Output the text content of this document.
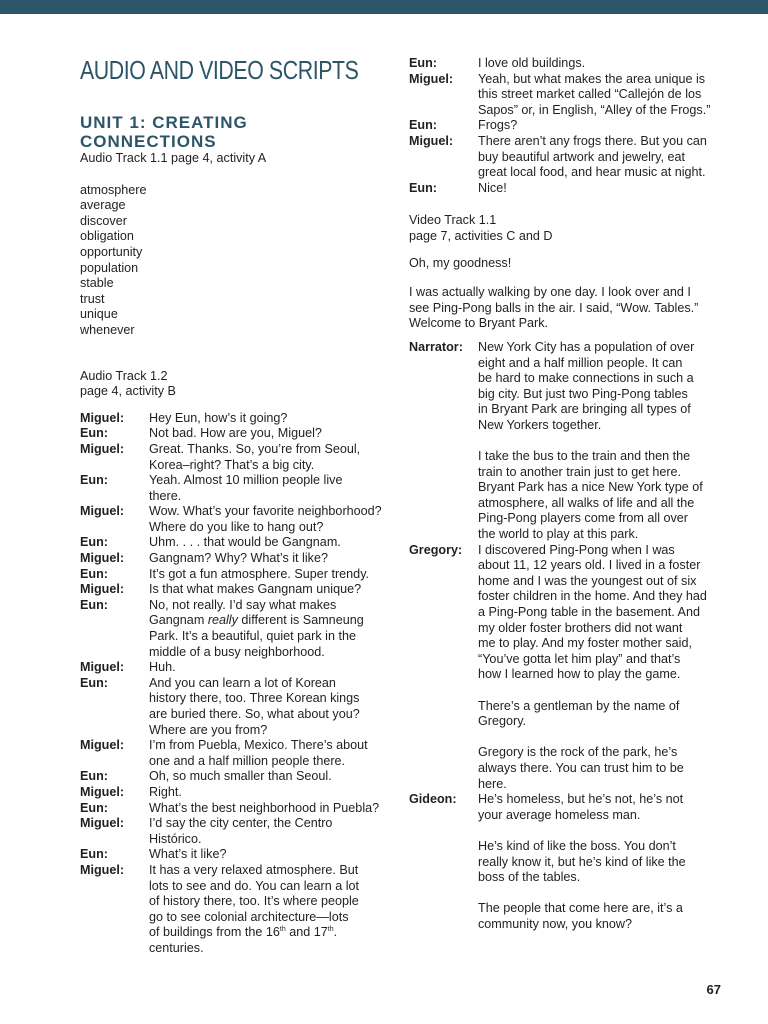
AUDIO AND VIDEO SCRIPTS
UNIT 1: CREATING
CONNECTIONS
Audio Track 1.1 page 4, activity A
atmosphere
average
discover
obligation
opportunity
population
stable
trust
unique
whenever
Audio Track 1.2
page 4, activity B
Miguel:	Hey Eun, how’s it going?
Eun:	Not bad. How are you, Miguel?
Miguel:	Great. Thanks. So, you’re from Seoul,
Korea–right? That’s a big city.
Eun:	Yeah. Almost 10 million people live
there.
Miguel:	Wow. What’s your favorite neighborhood?
Where do you like to hang out?
Eun:	Uhm. . . . that would be Gangnam.
Miguel:	Gangnam? Why? What’s it like?
Eun:	It’s got a fun atmosphere. Super trendy.
Miguel:	Is that what makes Gangnam unique?
Eun:	No, not really. I’d say what makes
Gangnam really different is Samneung
Park. It’s a beautiful, quiet park in the
middle of a busy neighborhood.
Miguel:	Huh.
Eun:	And you can learn a lot of Korean
history there, too. Three Korean kings
are buried there. So, what about you?
Where are you from?
Miguel:	I’m from Puebla, Mexico. There’s about
one and a half million people there.
Eun:	Oh, so much smaller than Seoul.
Miguel:	Right.
Eun:	What’s the best neighborhood in Puebla?
Miguel:	I’d say the city center, the Centro
Histórico.
Eun:	What’s it like?
Miguel:	It has a very relaxed atmosphere. But
lots to see and do. You can learn a lot
of history there, too. It’s where people
go to see colonial architecture—lots
of buildings from the 16th and 17th.
centuries.
Eun:	I love old buildings.
Miguel:	Yeah, but what makes the area unique is
this street market called “Callejón de los
Sapos” or, in English, “Alley of the Frogs.”
Eun:	Frogs?
Miguel:	There aren’t any frogs there. But you can
buy beautiful artwork and jewelry, eat
great local food, and hear music at night.
Eun:	Nice!
Video Track 1.1
page 7, activities C and D
Oh, my goodness!
I was actually walking by one day. I look over and I
see Ping-Pong balls in the air. I said, “Wow. Tables.”
Welcome to Bryant Park.
Narrator:	New York City has a population of over
eight and a half million people. It can
be hard to make connections in such a
big city. But just two Ping-Pong tables
in Bryant Park are bringing all types of
New Yorkers together.
I take the bus to the train and then the
train to another train just to get here.
Bryant Park has a nice New York type of
atmosphere, all walks of life and all the
Ping-Pong players come from all over
the world to play at this park.
Gregory:	I discovered Ping-Pong when I was
about 11, 12 years old. I lived in a foster
home and I was the youngest out of six
foster children in the home. And they had
a Ping-Pong table in the basement. And
my older foster brothers did not want
me to play. And my foster mother said,
“You’ve gotta let him play” and that’s
how I learned how to play the game.
There’s a gentleman by the name of
Gregory.
Gregory is the rock of the park, he’s
always there. You can trust him to be
here.
Gideon:	He’s homeless, but he’s not, he’s not
your average homeless man.
He’s kind of like the boss. You don’t
really know it, but he’s kind of like the
boss of the tables.
The people that come here are, it’s a
community now, you know?
67
